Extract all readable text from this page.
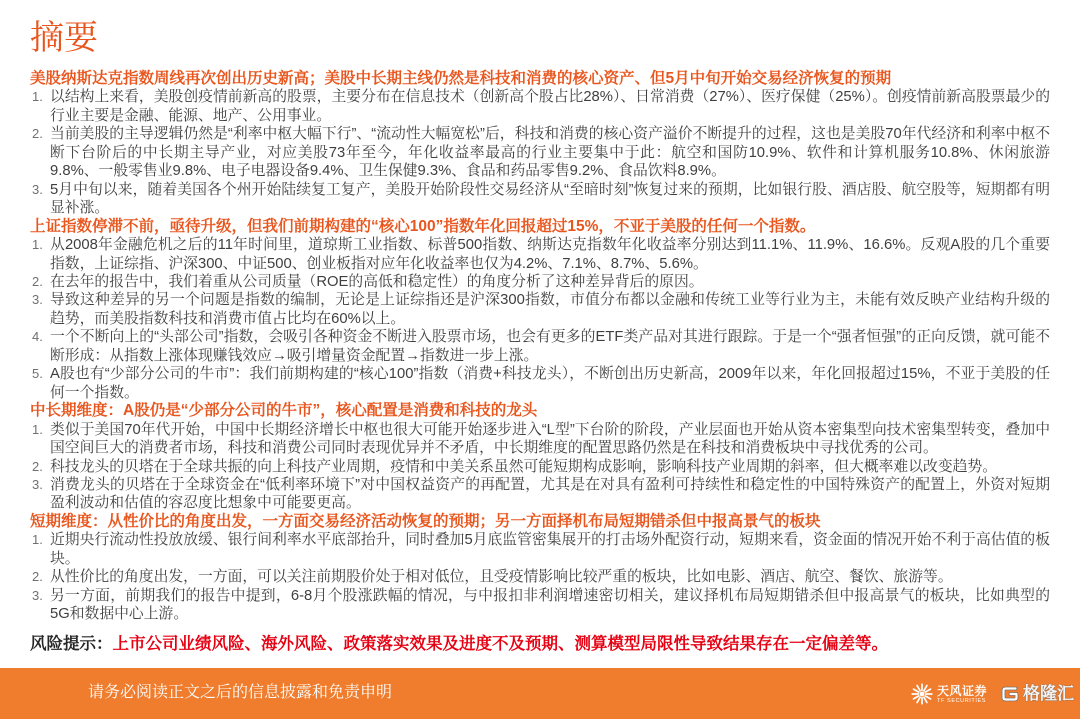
摘要
美股纳斯达克指数周线再次创出历史新高；美股中长期主线仍然是科技和消费的核心资产、但5月中旬开始交易经济恢复的预期
1. 以结构上来看，美股创疫情前新高的股票，主要分布在信息技术（创新高个股占比28%）、日常消费（27%）、医疗保健（25%）。创疫情前新高股票最少的行业主要是金融、能源、地产、公用事业。
2. 当前美股的主导逻辑仍然是“利率中枢大幅下行”、“流动性大幅宽松”后，科技和消费的核心资产溢价不断提升的过程，这也是美股70年代经济和利率中枢不断下台阶后的中长期主导产业，对应美股73年至今，年化收益率最高的行业主要集中于此：航空和国防10.9%、软件和计算机服务10.8%、休闲旅游9.8%、一般零售业9.8%、电子电器设备9.4%、卫生保健9.3%、食品和药品零售9.2%、食品饮料8.9%。
3. 5月中旬以来，随着美国各个州开始陆续复工复产，美股开始阶段性交易经济从“至暗时刻”恢复过来的预期，比如银行股、酒店股、航空股等，短期都有明显补涨。
上证指数停滞不前，亟待升级，但我们前期构建的“核心100”指数年化回报超过15%，不亚于美股的任何一个指数。
1. 从2008年金融危机之后的11年时间里，道琼斯工业指数、标普500指数、纳斯达克指数年化收益率分别达到11.1%、11.9%、16.6%。反观A股的几个重要指数，上证综指、沪深300、中证500、创业板指对应年化收益率也仅为4.2%、7.1%、8.7%、5.6%。
2. 在去年的报告中，我们着重从公司质量（ROE的高低和稳定性）的角度分析了这种差异背后的原因。
3. 导致这种差异的另一个问题是指数的编制，无论是上证综指还是沪深300指数，市值分布都以金融和传统工业等行业为主，未能有效反映产业结构升级的趋势，而美股指数科技和消费市值占比均在60%以上。
4. 一个不断向上的“头部公司”指数，会吸引各种资金不断进入股票市场，也会有更多的ETF类产品对其进行跟踪。于是一个“强者恒强”的正向反馈，就可能不断形成：从指数上涨体现赚钱效应→吸引增量资金配置→指数进一步上涨。
5. A股也有“少部分公司的牛市”：我们前期构建的“核心100”指数（消费+科技龙头），不断创出历史新高，2009年以来，年化回报超过15%，不亚于美股的任何一个指数。
中长期维度：A股仍是“少部分公司的牛市”，核心配置是消费和科技的龙头
1. 类似于美国70年代开始，中国中长期经济增长中枢也很大可能开始逐步进入“L型”下台阶的阶段，产业层面也开始从资本密集型向技术密集型转变，叠加中国空间巨大的消费者市场，科技和消费公司同时表现优异并不矛盾，中长期维度的配置思路仍然是在科技和消费板块中寻找优秀的公司。
2. 科技龙头的贝塔在于全球共振的向上科技产业周期，疫情和中美关系虽然可能短期构成影响，影响科技产业周期的斜率，但大概率难以改变趋势。
3. 消费龙头的贝塔在于全球资金在“低利率环境下”对中国权益资产的再配置，尤其是在对具有盈利可持续性和稳定性的中国特殊资产的配置上，外资对短期盈利波动和估值的容忍度比想象中可能要更高。
短期维度：从性价比的角度出发，一方面交易经济活动恢复的预期；另一方面择机布局短期错杀但中报高景气的板块
1. 近期央行流动性投放放缓、银行间利率水平底部抬升，同时叠加5月底监管密集展开的打击场外配资行动，短期来看，资金面的情况开始不利于高估值的板块。
2. 从性价比的角度出发，一方面，可以关注前期股价处于相对低位，且受疫情影响比较严重的板块，比如电影、酒店、航空、餐饮、旅游等。
3. 另一方面，前期我们的报告中提到，6-8月个股涨跌幅的情况，与中报扣非利润增速密切相关，建议择机布局短期错杀但中报高景气的板块，比如典型的5G和数据中心上游。
风险提示：上市公司业绩风险、海外风险、政策落实效果及进度不及预期、测算模型局限性导致结果存在一定偏差等。
请务必阅读正文之后的信息披露和免责申明	天风证券
TF SECURITIES 格隆汇
